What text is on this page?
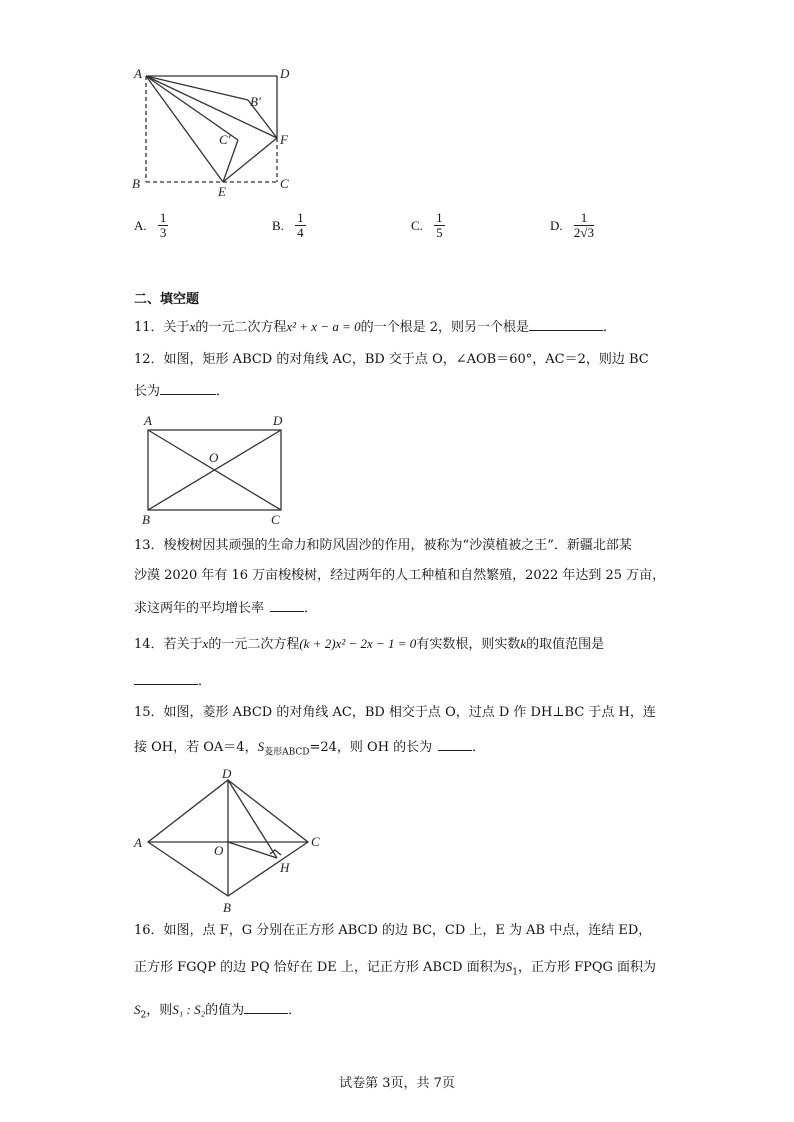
A	D
B'
C'	F
B
E
C
A. $\frac{1}{3}$	B. $\frac{1}{4}$	C. $\frac{1}{5}$	D. $\frac{1}{2√3}$
二、填空题
11．关于x的一元二次方程x² + x − a = 0的一个根是 2，则另一个根是	．
12．如图，矩形 ABCD 的对角线 AC，BD 交于点 O，∠AOB＝60°，AC＝2，则边 BC
长为	．
A	D
O
B	C
13．梭梭树因其顽强的生命力和防风固沙的作用，被称为“沙漠植被之王”．新疆北部某
沙漠 2020 年有 16 万亩梭梭树，经过两年的人工种植和自然繁殖，2022 年达到 25 万亩，
求这两年的平均增长率	．
14．若关于x的一元二次方程(k + 2)x² − 2x − 1 = 0有实数根，则实数k的取值范围是
．
15．如图，菱形 ABCD 的对角线 AC，BD 相交于点 O，过点 D 作 DH⊥BC 于点 H，连
接 OH，若 OA＝4，$S_{菱形ABCD}=24$，则 OH 的长为	．
D
A
O
C
H
B
16．如图，点 F，G 分别在正方形 ABCD 的边 BC，CD 上，E 为 AB 中点，连结 ED，
正方形 FGQP 的边 PQ 恰好在 DE 上，记正方形 ABCD 面积为$S_1$，正方形 FPQG 面积为
$S_2$，则S₁ : S₂的值为	．
试卷第 3页，共 7页
